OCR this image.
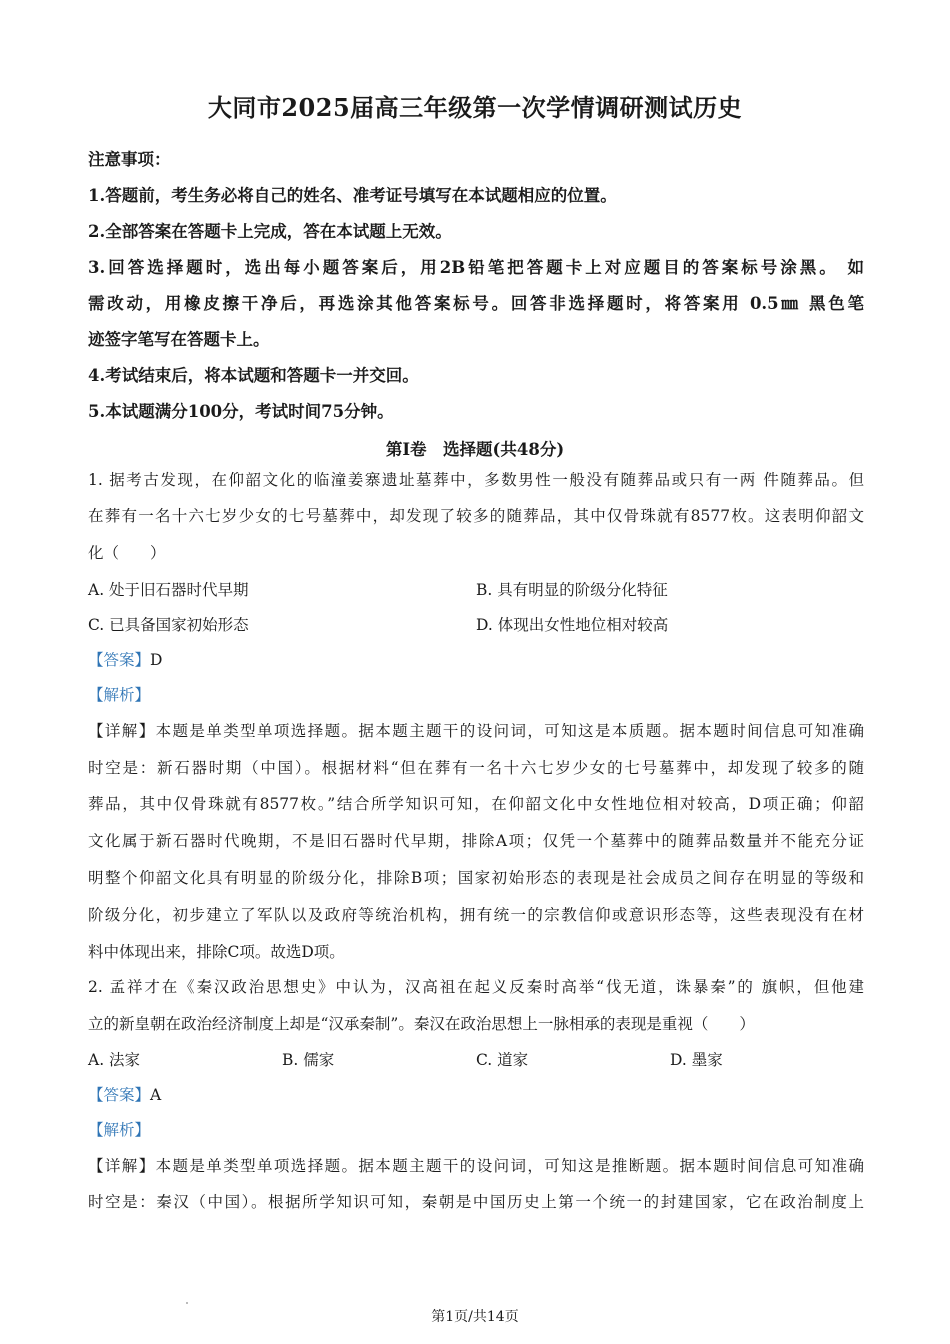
大同市2025届高三年级第一次学情调研测试历史
注意事项：
1.答题前，考生务必将自己的姓名、准考证号填写在本试题相应的位置。
2.全部答案在答题卡上完成，答在本试题上无效。
3.回答选择题时，选出每小题答案后，用2B铅笔把答题卡上对应题目的答案标号涂黑。 如
需改动，用橡皮擦干净后，再选涂其他答案标号。回答非选择题时，将答案用 0.5㎜ 黑色笔
迹签字笔写在答题卡上。
4.考试结束后，将本试题和答题卡一并交回。
5.本试题满分100分，考试时间75分钟。
第Ⅰ卷　选择题(共48分)
1. 据考古发现，在仰韶文化的临潼姜寨遗址墓葬中，多数男性一般没有随葬品或只有一两 件随葬品。但
在葬有一名十六七岁少女的七号墓葬中，却发现了较多的随葬品，其中仅骨珠就有8577枚。这表明仰韶文
化（　　）
A. 处于旧石器时代早期	B. 具有明显的阶级分化特征
C. 已具备国家初始形态	D. 体现出女性地位相对较高
【答案】D
【解析】
【详解】本题是单类型单项选择题。据本题主题干的设问词，可知这是本质题。据本题时间信息可知准确
时空是：新石器时期（中国）。根据材料“但在葬有一名十六七岁少女的七号墓葬中，却发现了较多的随
葬品，其中仅骨珠就有8577枚。”结合所学知识可知，在仰韶文化中女性地位相对较高，D项正确；仰韶
文化属于新石器时代晚期，不是旧石器时代早期，排除A项；仅凭一个墓葬中的随葬品数量并不能充分证
明整个仰韶文化具有明显的阶级分化，排除B项；国家初始形态的表现是社会成员之间存在明显的等级和
阶级分化，初步建立了军队以及政府等统治机构，拥有统一的宗教信仰或意识形态等，这些表现没有在材
料中体现出来，排除C项。故选D项。
2. 孟祥才在《秦汉政治思想史》中认为，汉高祖在起义反秦时高举“伐无道，诛暴秦”的 旗帜，但他建
立的新皇朝在政治经济制度上却是“汉承秦制”。秦汉在政治思想上一脉相承的表现是重视（　　）
A. 法家	B. 儒家	C. 道家	D. 墨家
【答案】A
【解析】
【详解】本题是单类型单项选择题。据本题主题干的设问词，可知这是推断题。据本题时间信息可知准确
时空是：秦汉（中国）。根据所学知识可知，秦朝是中国历史上第一个统一的封建国家，它在政治制度上
第1页/共14页
